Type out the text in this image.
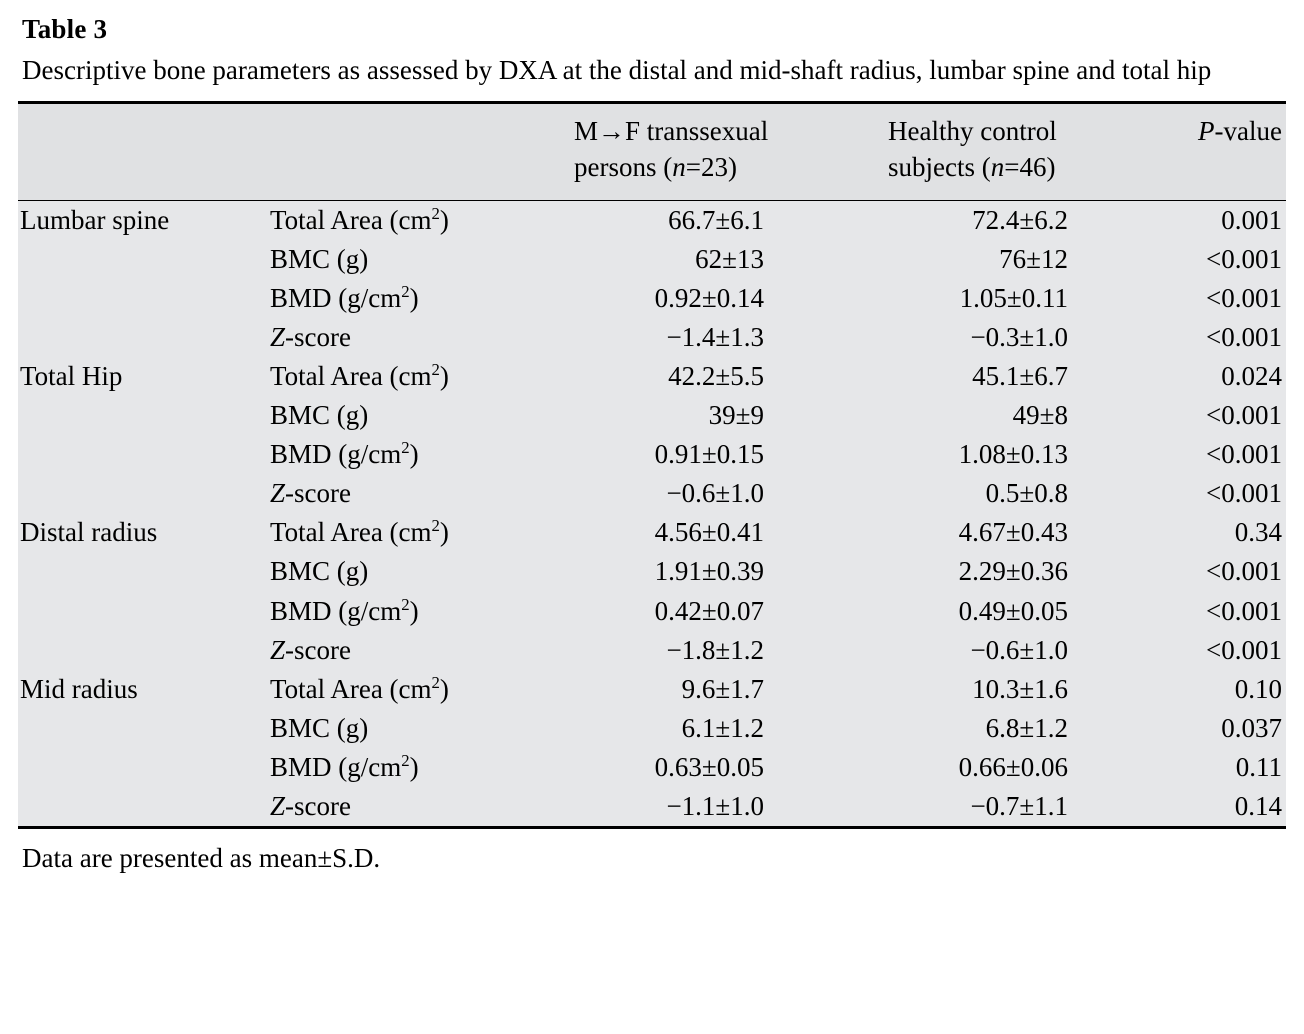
Table 3
Descriptive bone parameters as assessed by DXA at the distal and mid-shaft radius, lumbar spine and total hip
		M→F transsexual
persons (n=23)	Healthy control
subjects (n=46)	P-value
Lumbar spine	Total Area $(cm^2)$	66.7±6.1	72.4±6.2	0.001
	BMC (g)	62±13	76±12	<0.001
	BMD $(g/cm^2)$	0.92±0.14	1.05±0.11	<0.001
	Z-score	−1.4±1.3	−0.3±1.0	<0.001
Total Hip	Total Area $(cm^2)$	42.2±5.5	45.1±6.7	0.024
	BMC (g)	39±9	49±8	<0.001
	BMD $(g/cm^2)$	0.91±0.15	1.08±0.13	<0.001
	Z-score	−0.6±1.0	0.5±0.8	<0.001
Distal radius	Total Area $(cm^2)$	4.56±0.41	4.67±0.43	0.34
	BMC (g)	1.91±0.39	2.29±0.36	<0.001
	BMD $(g/cm^2)$	0.42±0.07	0.49±0.05	<0.001
	Z-score	−1.8±1.2	−0.6±1.0	<0.001
Mid radius	Total Area $(cm^2)$	9.6±1.7	10.3±1.6	0.10
	BMC (g)	6.1±1.2	6.8±1.2	0.037
	BMD $(g/cm^2)$	0.63±0.05	0.66±0.06	0.11
	Z-score	−1.1±1.0	−0.7±1.1	0.14

Data are presented as mean±S.D.
